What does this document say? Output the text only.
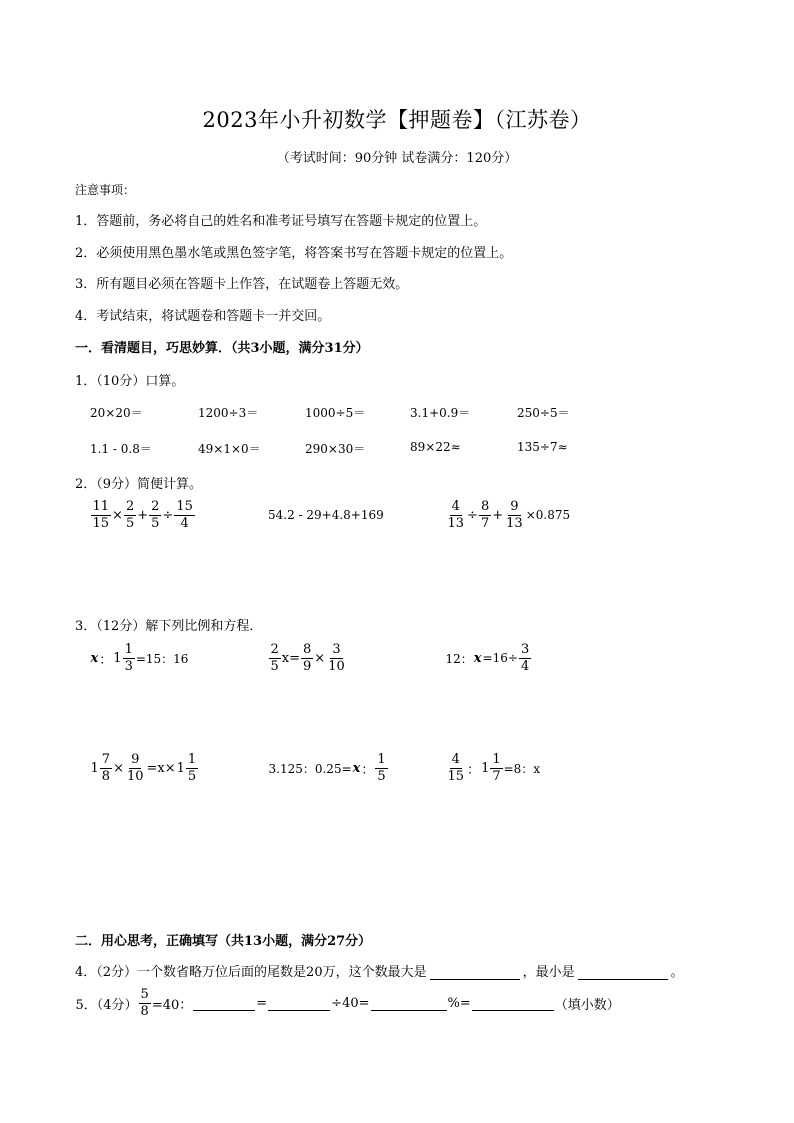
2023年小升初数学【押题卷】（江苏卷）
（考试时间：90分钟 试卷满分：120分）
注意事项：
1．答题前，务必将自己的姓名和准考证号填写在答题卡规定的位置上。
2．必须使用黑色墨水笔或黑色签字笔，将答案书写在答题卡规定的位置上。
3．所有题目必须在答题卡上作答，在试题卷上答题无效。
4．考试结束，将试题卷和答题卡一并交回。
一．看清题目，巧思妙算．（共3小题，满分31分）
1．（10分）口算。
20×20＝	1200÷3＝	1000÷5＝	3.1+0.9＝	250÷5＝
1.1 - 0.8＝	49×1×0＝	290×30＝	89×22≈	135÷7≈
2．（9分）简便计算。
$\frac{11}{15} \times \frac{2}{5} + \frac{2}{5} \div \frac{15}{4}$	54.2 - 29+4.8+169	$\frac{4}{13} \div \frac{8}{7} + \frac{9}{13} \times 0.875$
3．（12分）解下列比例和方程．
x ： $1 \frac{1}{3} =15$：16	$\frac{2}{5} x= \frac{8}{9} \times \frac{3}{10}$	12： $x =16\div \frac{3}{4}$
$1 \frac{7}{8} \times \frac{9}{10} =x\times 1 \frac{1}{5}$	3.125：0.25= x ： $\frac{1}{5}$	$\frac{4}{15}$ ： $1 \frac{1}{7} =8$：x
二．用心思考，正确填写（共13小题，满分27分）
4．（2分）一个数省略万位后面的尾数是20万，这个数最大是	，最小是	。
5．（4分） $\frac{5}{8} =40$：	=	÷40=	%=	（填小数）
